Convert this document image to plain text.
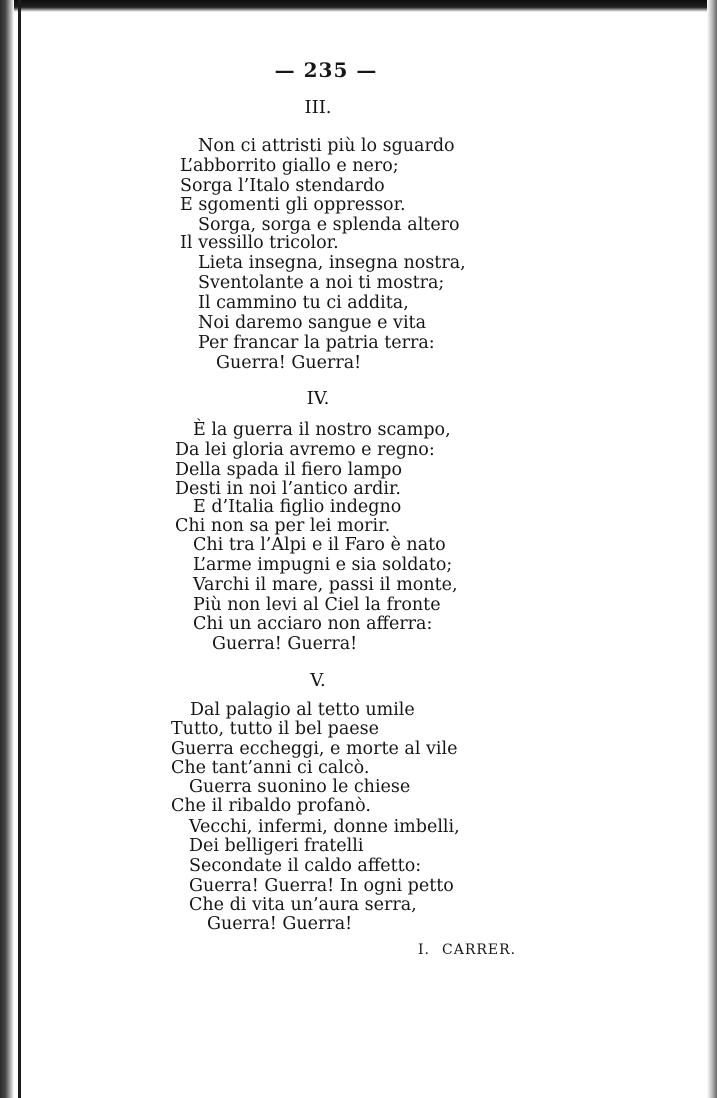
— 235 —
III.
Non ci attristi più lo sguardo
L’abborrito giallo e nero;
Sorga l’Italo stendardo
E sgomenti gli oppressor.
Sorga, sorga e splenda altero
Il vessillo tricolor.
Lieta insegna, insegna nostra,
Sventolante a noi ti mostra;
Il cammino tu ci addita,
Noi daremo sangue e vita
Per francar la patria terra:
Guerra! Guerra!
IV.
È la guerra il nostro scampo,
Da lei gloria avremo e regno:
Della spada il fiero lampo
Desti in noi l’antico ardir.
E d’Italia figlio indegno
Chi non sa per lei morir.
Chi tra l’Alpi e il Faro è nato
L’arme impugni e sia soldato;
Varchi il mare, passi il monte,
Più non levi al Ciel la fronte
Chi un acciaro non afferra:
Guerra! Guerra!
V.
Dal palagio al tetto umile
Tutto, tutto il bel paese
Guerra eccheggi, e morte al vile
Che tant’anni ci calcò.
Guerra suonino le chiese
Che il ribaldo profanò.
Vecchi, infermi, donne imbelli,
Dei belligeri fratelli
Secondate il caldo affetto:
Guerra! Guerra! In ogni petto
Che di vita un’aura serra,
Guerra! Guerra!
I. CARRER.
